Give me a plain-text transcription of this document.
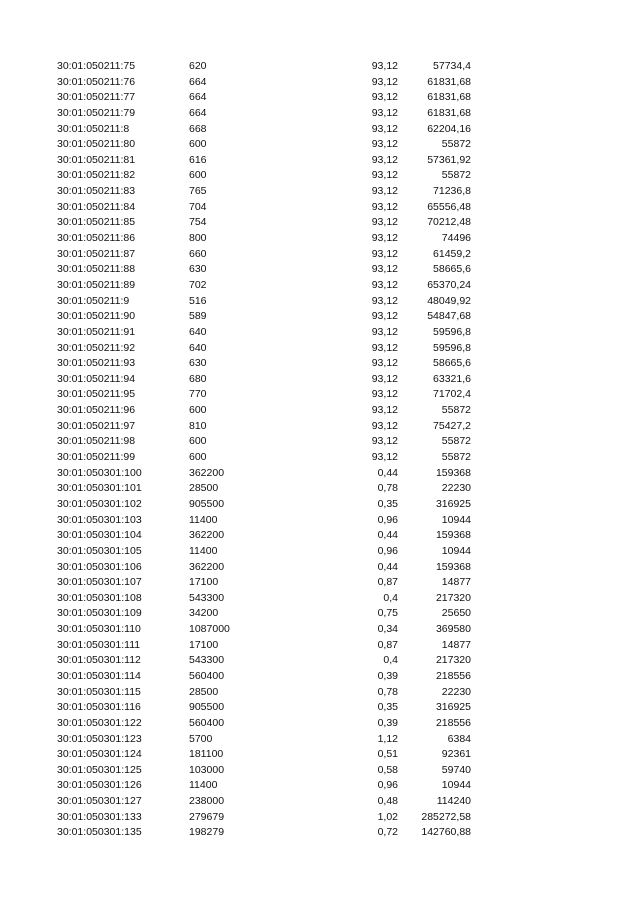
30:01:050211:75	620	93,12	57734,4
30:01:050211:76	664	93,12	61831,68
30:01:050211:77	664	93,12	61831,68
30:01:050211:79	664	93,12	61831,68
30:01:050211:8	668	93,12	62204,16
30:01:050211:80	600	93,12	55872
30:01:050211:81	616	93,12	57361,92
30:01:050211:82	600	93,12	55872
30:01:050211:83	765	93,12	71236,8
30:01:050211:84	704	93,12	65556,48
30:01:050211:85	754	93,12	70212,48
30:01:050211:86	800	93,12	74496
30:01:050211:87	660	93,12	61459,2
30:01:050211:88	630	93,12	58665,6
30:01:050211:89	702	93,12	65370,24
30:01:050211:9	516	93,12	48049,92
30:01:050211:90	589	93,12	54847,68
30:01:050211:91	640	93,12	59596,8
30:01:050211:92	640	93,12	59596,8
30:01:050211:93	630	93,12	58665,6
30:01:050211:94	680	93,12	63321,6
30:01:050211:95	770	93,12	71702,4
30:01:050211:96	600	93,12	55872
30:01:050211:97	810	93,12	75427,2
30:01:050211:98	600	93,12	55872
30:01:050211:99	600	93,12	55872
30:01:050301:100	362200	0,44	159368
30:01:050301:101	28500	0,78	22230
30:01:050301:102	905500	0,35	316925
30:01:050301:103	11400	0,96	10944
30:01:050301:104	362200	0,44	159368
30:01:050301:105	11400	0,96	10944
30:01:050301:106	362200	0,44	159368
30:01:050301:107	17100	0,87	14877
30:01:050301:108	543300	0,4	217320
30:01:050301:109	34200	0,75	25650
30:01:050301:110	1087000	0,34	369580
30:01:050301:111	17100	0,87	14877
30:01:050301:112	543300	0,4	217320
30:01:050301:114	560400	0,39	218556
30:01:050301:115	28500	0,78	22230
30:01:050301:116	905500	0,35	316925
30:01:050301:122	560400	0,39	218556
30:01:050301:123	5700	1,12	6384
30:01:050301:124	181100	0,51	92361
30:01:050301:125	103000	0,58	59740
30:01:050301:126	11400	0,96	10944
30:01:050301:127	238000	0,48	114240
30:01:050301:133	279679	1,02	285272,58
30:01:050301:135	198279	0,72	142760,88
